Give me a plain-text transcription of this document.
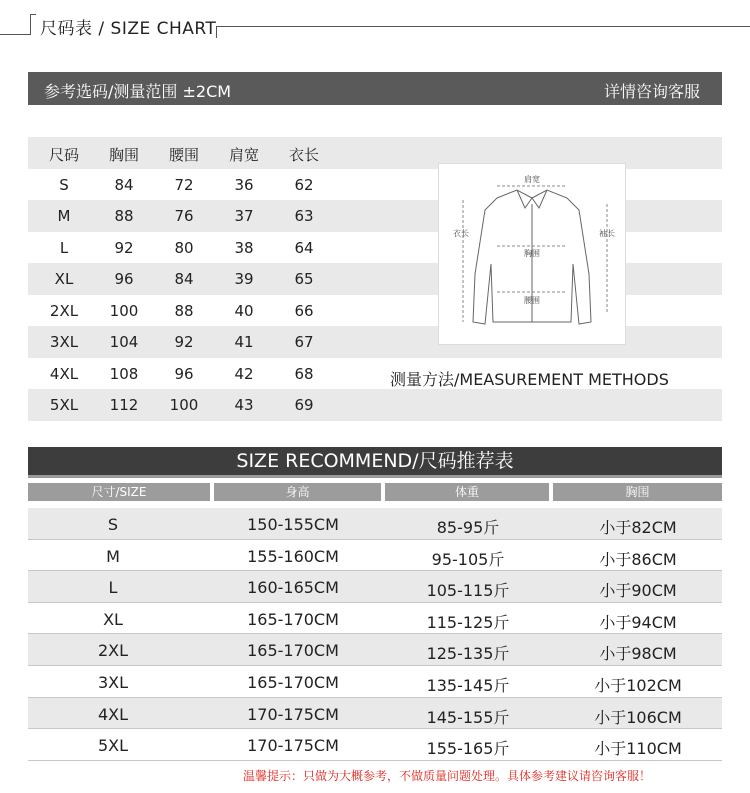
尺码表 / SIZE CHART
参考选码/测量范围 ±2CM	详情咨询客服
尺码	胸围	腰围	肩宽	衣长
S	84	72	36	62
M	88	76	37	63
L	92	80	38	64
XL	96	84	39	65
2XL	100	88	40	66
3XL	104	92	41	67
4XL	108	96	42	68
5XL	112	100	43	69
肩宽
衣长	袖长
胸围
腰围
测量方法/MEASUREMENT METHODS
SIZE RECOMMEND/尺码推荐表
尺寸/SIZE	身高	体重	胸围
S	150-155CM	85-95斤	小于82CM
M	155-160CM	95-105斤	小于86CM
L	160-165CM	105-115斤	小于90CM
XL	165-170CM	115-125斤	小于94CM
2XL	165-170CM	125-135斤	小于98CM
3XL	165-170CM	135-145斤	小于102CM
4XL	170-175CM	145-155斤	小于106CM
5XL	170-175CM	155-165斤	小于110CM
温馨提示：只做为大概参考，不做质量问题处理。具体参考建议请咨询客服！
